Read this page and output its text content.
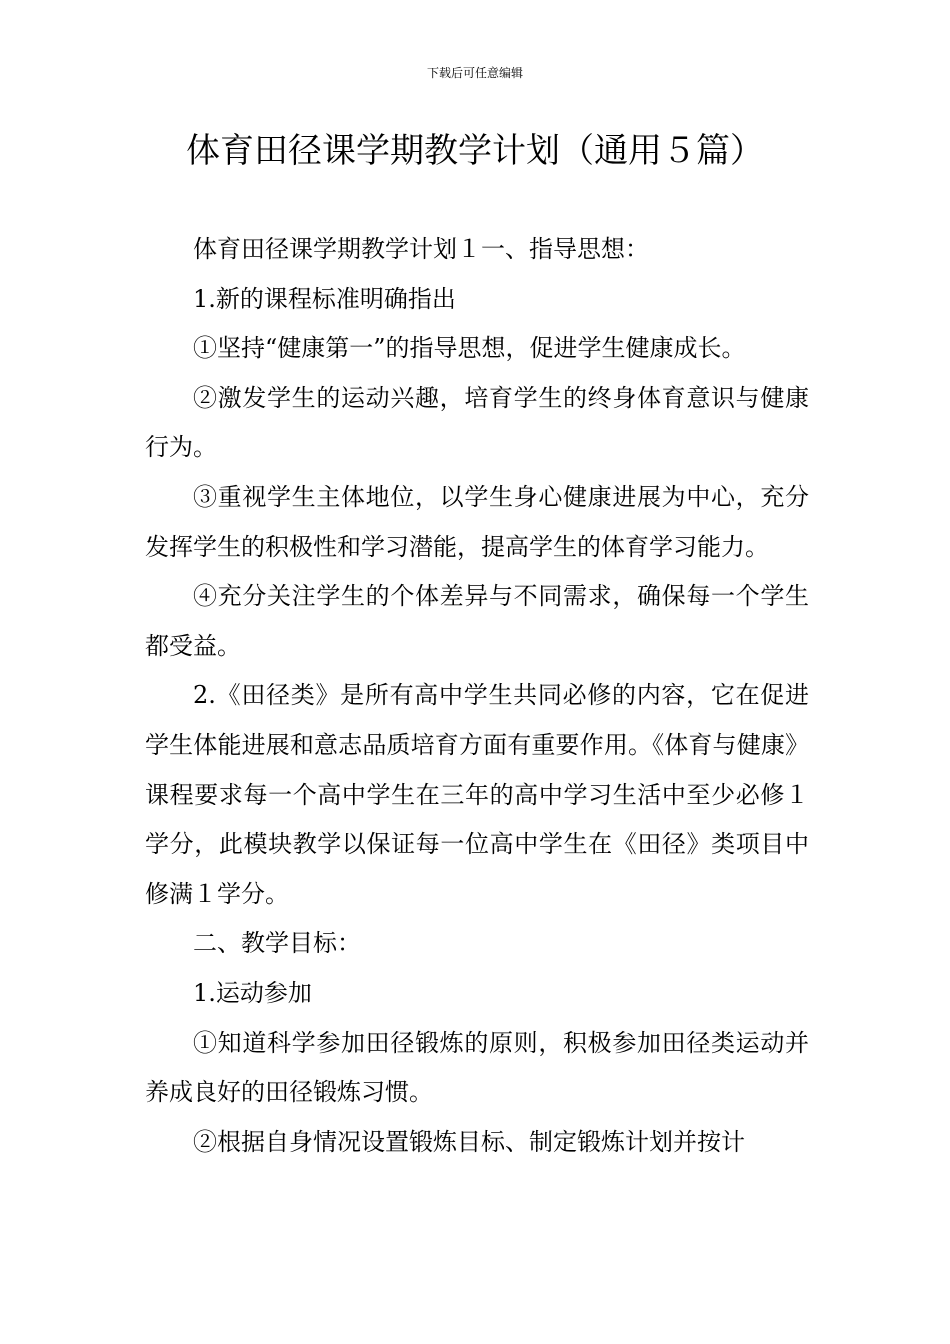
下载后可任意编辑
体育田径课学期教学计划（通用５篇）

体育田径课学期教学计划１一、指导思想：

1.新的课程标准明确指出

①坚持“健康第一”的指导思想，促进学生健康成长。

②激发学生的运动兴趣，培育学生的终身体育意识与健康行为。

③重视学生主体地位，以学生身心健康进展为中心，充分发挥学生的积极性和学习潜能，提高学生的体育学习能力。

④充分关注学生的个体差异与不同需求，确保每一个学生都受益。

2.《田径类》是所有高中学生共同必修的内容，它在促进学生体能进展和意志品质培育方面有重要作用。《体育与健康》课程要求每一个高中学生在三年的高中学习生活中至少必修１学分，此模块教学以保证每一位高中学生在《田径》类项目中修满１学分。

二、教学目标：

1.运动参加

①知道科学参加田径锻炼的原则，积极参加田径类运动并养成良好的田径锻炼习惯。

②根据自身情况设置锻炼目标、制定锻炼计划并按计
